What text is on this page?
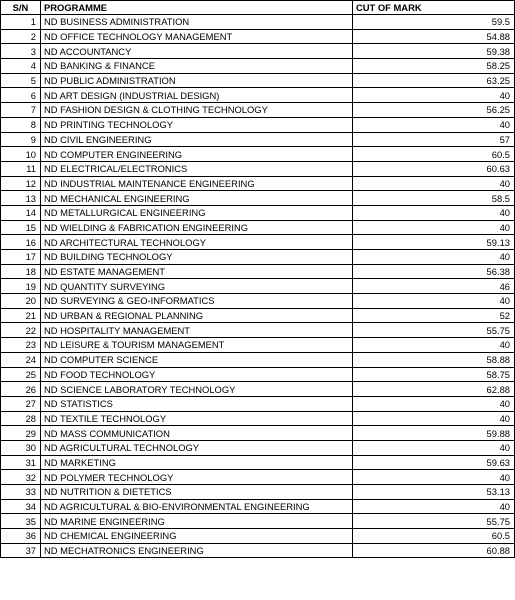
S/N	PROGRAMME	CUT OF MARK
1	ND BUSINESS ADMINISTRATION	59.5
2	ND OFFICE TECHNOLOGY MANAGEMENT	54.88
3	ND ACCOUNTANCY	59.38
4	ND BANKING & FINANCE	58.25
5	ND PUBLIC ADMINISTRATION	63.25
6	ND ART DESIGN (INDUSTRIAL DESIGN)	40
7	ND FASHION DESIGN & CLOTHING TECHNOLOGY	56.25
8	ND PRINTING TECHNOLOGY	40
9	ND CIVIL ENGINEERING	57
10	ND COMPUTER ENGINEERING	60.5
11	ND ELECTRICAL/ELECTRONICS	60.63
12	ND INDUSTRIAL MAINTENANCE ENGINEERING	40
13	ND MECHANICAL ENGINEERING	58.5
14	ND METALLURGICAL ENGINEERING	40
15	ND WIELDING & FABRICATION ENGINEERING	40
16	ND ARCHITECTURAL TECHNOLOGY	59.13
17	ND BUILDING TECHNOLOGY	40
18	ND ESTATE MANAGEMENT	56.38
19	ND QUANTITY SURVEYING	46
20	ND SURVEYING & GEO-INFORMATICS	40
21	ND URBAN & REGIONAL PLANNING	52
22	ND HOSPITALITY MANAGEMENT	55.75
23	ND LEISURE & TOURISM MANAGEMENT	40
24	ND COMPUTER SCIENCE	58.88
25	ND FOOD TECHNOLOGY	58.75
26	ND SCIENCE LABORATORY TECHNOLOGY	62.88
27	ND STATISTICS	40
28	ND TEXTILE TECHNOLOGY	40
29	ND MASS COMMUNICATION	59.88
30	ND AGRICULTURAL TECHNOLOGY	40
31	ND MARKETING	59.63
32	ND POLYMER TECHNOLOGY	40
33	ND NUTRITION & DIETETICS	53.13
34	ND AGRICULTURAL & BIO-ENVIRONMENTAL ENGINEERING	40
35	ND MARINE ENGINEERING	55.75
36	ND CHEMICAL ENGINEERING	60.5
37	ND MECHATRONICS ENGINEERING	60.88
